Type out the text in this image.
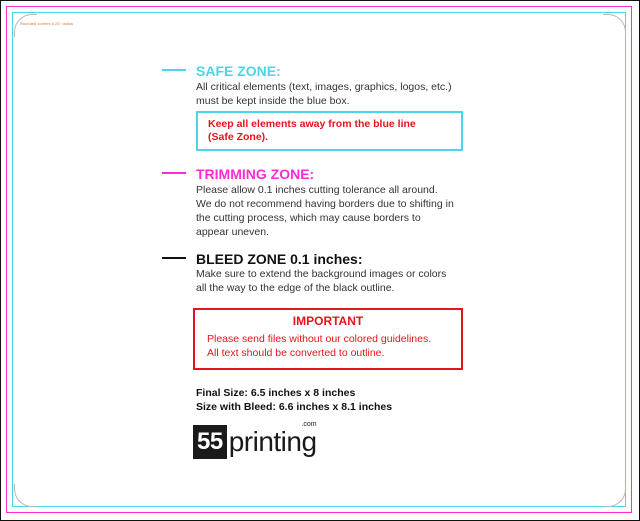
Rounded corners 0.25" radius
SAFE ZONE:
All critical elements (text, images, graphics, logos, etc.)
must be kept inside the blue box.
Keep all elements away from the blue line
(Safe Zone).
TRIMMING ZONE:
Please allow 0.1 inches cutting tolerance all around.
We do not recommend having borders due to shifting in
the cutting process, which may cause borders to
appear uneven.
BLEED ZONE 0.1 inches:
Make sure to extend the background images or colors
all the way to the edge of the black outline.
IMPORTANT
Please send files without our colored guidelines.
All text should be converted to outline.
Final Size: 6.5 inches x 8 inches
Size with Bleed: 6.6 inches x 8.1 inches
55 printing
.com
